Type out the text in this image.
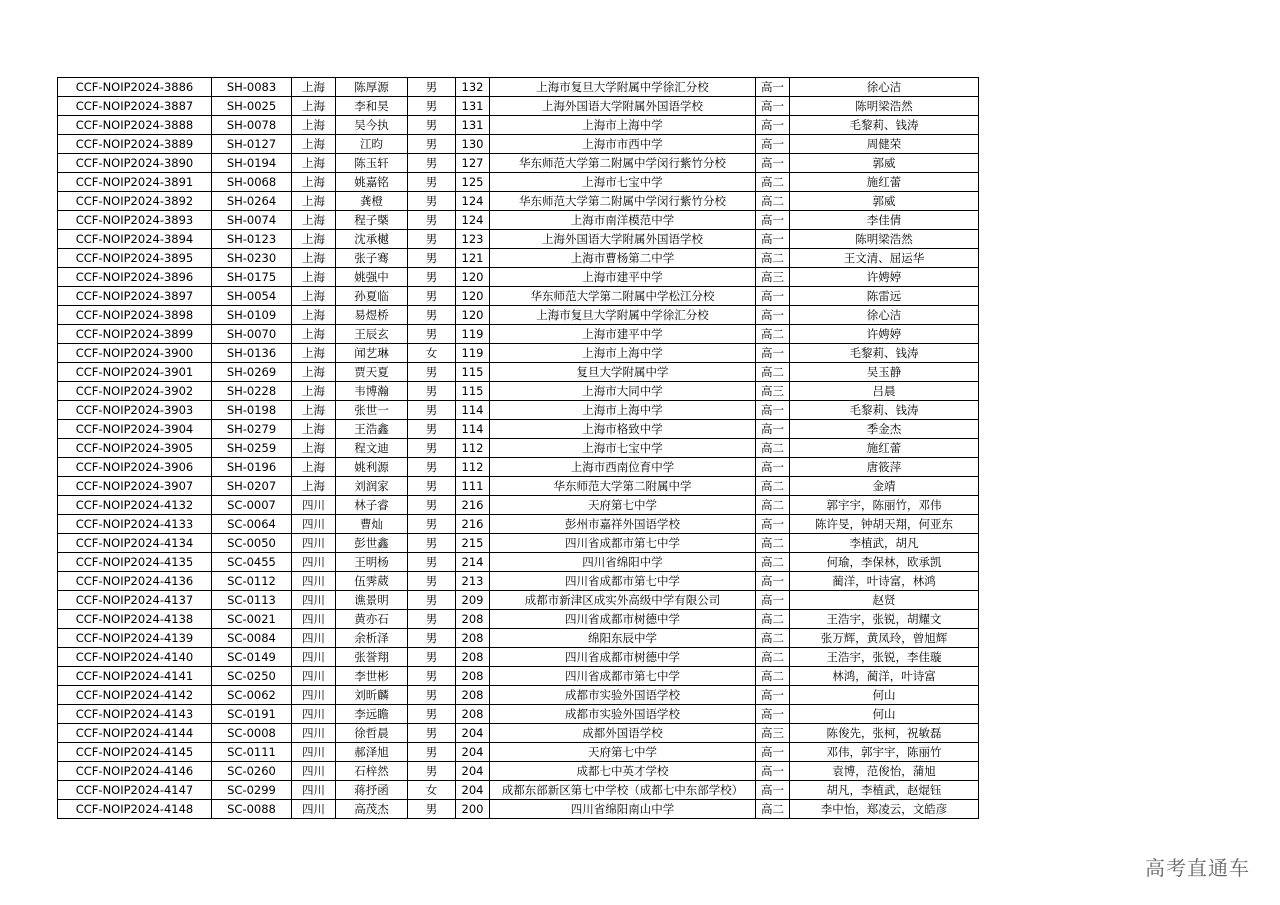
CCF-NOIP2024-3886	SH-0083	上海	陈厚源	男	132	上海市复旦大学附属中学徐汇分校	高一	徐心洁
CCF-NOIP2024-3887	SH-0025	上海	李和昊	男	131	上海外国语大学附属外国语学校	高一	陈明梁浩然
CCF-NOIP2024-3888	SH-0078	上海	吴今执	男	131	上海市上海中学	高一	毛黎莉、钱涛
CCF-NOIP2024-3889	SH-0127	上海	江昀	男	130	上海市市西中学	高一	周健荣
CCF-NOIP2024-3890	SH-0194	上海	陈玉轩	男	127	华东师范大学第二附属中学闵行紫竹分校	高一	郭威
CCF-NOIP2024-3891	SH-0068	上海	姚嘉铭	男	125	上海市七宝中学	高二	施红蕾
CCF-NOIP2024-3892	SH-0264	上海	龚橙	男	124	华东师范大学第二附属中学闵行紫竹分校	高二	郭威
CCF-NOIP2024-3893	SH-0074	上海	程子槩	男	124	上海市南洋模范中学	高一	李佳倩
CCF-NOIP2024-3894	SH-0123	上海	沈承樾	男	123	上海外国语大学附属外国语学校	高一	陈明梁浩然
CCF-NOIP2024-3895	SH-0230	上海	张子骞	男	121	上海市曹杨第二中学	高二	王文清、屈运华
CCF-NOIP2024-3896	SH-0175	上海	姚强中	男	120	上海市建平中学	高三	许娉婷
CCF-NOIP2024-3897	SH-0054	上海	孙夏临	男	120	华东师范大学第二附属中学松江分校	高一	陈雷远
CCF-NOIP2024-3898	SH-0109	上海	易煜桥	男	120	上海市复旦大学附属中学徐汇分校	高一	徐心洁
CCF-NOIP2024-3899	SH-0070	上海	王辰玄	男	119	上海市建平中学	高二	许娉婷
CCF-NOIP2024-3900	SH-0136	上海	闻艺琳	女	119	上海市上海中学	高一	毛黎莉、钱涛
CCF-NOIP2024-3901	SH-0269	上海	贾天夏	男	115	复旦大学附属中学	高二	吴玉静
CCF-NOIP2024-3902	SH-0228	上海	韦博瀚	男	115	上海市大同中学	高三	吕晨
CCF-NOIP2024-3903	SH-0198	上海	张世一	男	114	上海市上海中学	高一	毛黎莉、钱涛
CCF-NOIP2024-3904	SH-0279	上海	王浩鑫	男	114	上海市格致中学	高一	季金杰
CCF-NOIP2024-3905	SH-0259	上海	程文迪	男	112	上海市七宝中学	高二	施红蕾
CCF-NOIP2024-3906	SH-0196	上海	姚利源	男	112	上海市西南位育中学	高一	唐筱萍
CCF-NOIP2024-3907	SH-0207	上海	刘润家	男	111	华东师范大学第二附属中学	高二	金靖
CCF-NOIP2024-4132	SC-0007	四川	林子睿	男	216	天府第七中学	高二	郭宇宇，陈丽竹，邓伟
CCF-NOIP2024-4133	SC-0064	四川	曹灿	男	216	彭州市嘉祥外国语学校	高一	陈许旻，钟胡天翔，何亚东
CCF-NOIP2024-4134	SC-0050	四川	彭世鑫	男	215	四川省成都市第七中学	高二	李植武，胡凡
CCF-NOIP2024-4135	SC-0455	四川	王明杨	男	214	四川省绵阳中学	高二	何瑜，李保林，欧承凯
CCF-NOIP2024-4136	SC-0112	四川	伍霁葳	男	213	四川省成都市第七中学	高一	蔺洋，叶诗富，林鸿
CCF-NOIP2024-4137	SC-0113	四川	谯景明	男	209	成都市新津区成实外高级中学有限公司	高一	赵贤
CCF-NOIP2024-4138	SC-0021	四川	黄亦石	男	208	四川省成都市树德中学	高二	王浩宇，张锐，胡耀文
CCF-NOIP2024-4139	SC-0084	四川	余析泽	男	208	绵阳东辰中学	高二	张万辉，黄凤玲，曾旭辉
CCF-NOIP2024-4140	SC-0149	四川	张誉翔	男	208	四川省成都市树德中学	高二	王浩宇，张锐，李佳璇
CCF-NOIP2024-4141	SC-0250	四川	李世彬	男	208	四川省成都市第七中学	高二	林鸿，蔺洋，叶诗富
CCF-NOIP2024-4142	SC-0062	四川	刘昕麟	男	208	成都市实验外国语学校	高一	何山
CCF-NOIP2024-4143	SC-0191	四川	李远瞻	男	208	成都市实验外国语学校	高一	何山
CCF-NOIP2024-4144	SC-0008	四川	徐哲晨	男	204	成都外国语学校	高三	陈俊先，张柯，祝敏磊
CCF-NOIP2024-4145	SC-0111	四川	郝泽旭	男	204	天府第七中学	高一	邓伟，郭宇宇，陈丽竹
CCF-NOIP2024-4146	SC-0260	四川	石梓然	男	204	成都七中英才学校	高一	袁博，范俊怡，蒲旭
CCF-NOIP2024-4147	SC-0299	四川	蒋抒函	女	204	成都东部新区第七中学校（成都七中东部学校）	高一	胡凡，李植武，赵焜钰
CCF-NOIP2024-4148	SC-0088	四川	高茂杰	男	200	四川省绵阳南山中学	高二	李中怡，郑凌云，文皓彦
高考直通车
